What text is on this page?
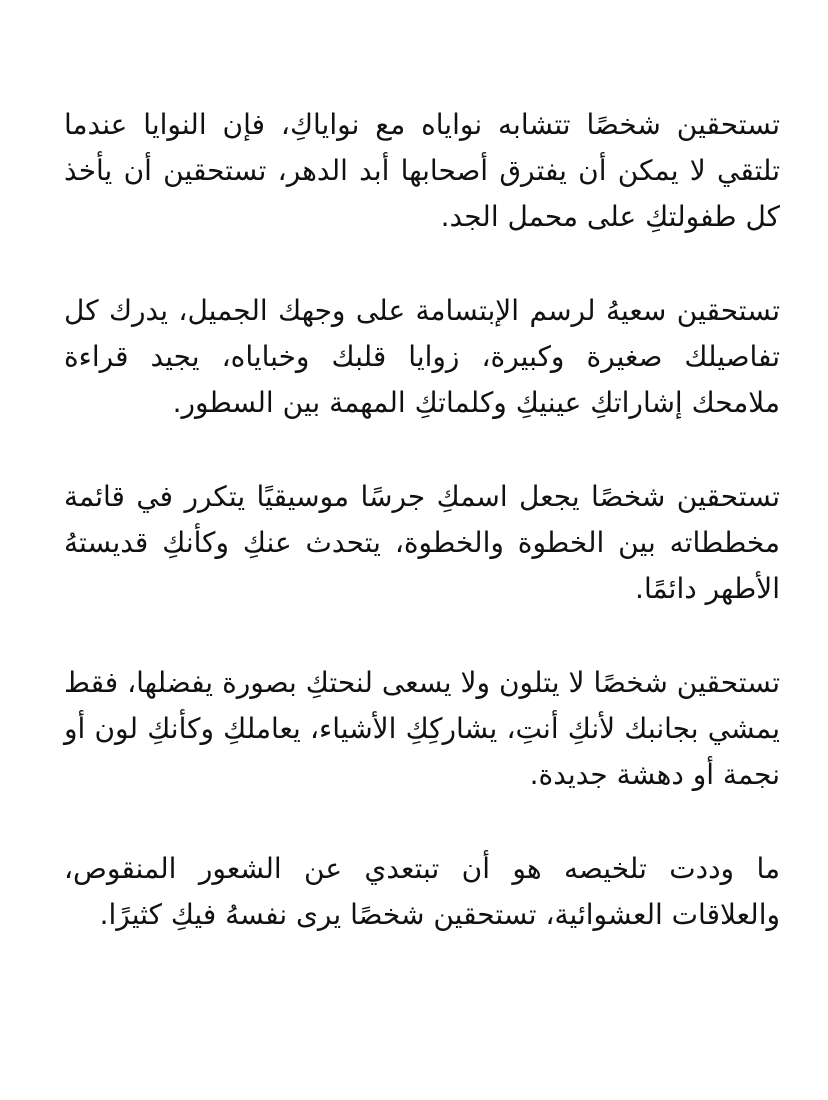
تستحقين شخصًا تتشابه نواياه مع نواياكِ، فإن النوايا عندما تلتقي لا يمكن أن يفترق أصحابها أبد الدهر، تستحقين أن يأخذ كل طفولتكِ على محمل الجد.

تستحقين سعيهُ لرسم الإبتسامة على وجهك الجميل، يدرك كل تفاصيلك صغيرة وكبيرة، زوايا قلبك وخباياه، يجيد قراءة ملامحك إشاراتكِ عينيكِ وكلماتكِ المهمة بين السطور.

تستحقين شخصًا يجعل اسمكِ جرسًا موسيقيًا يتكرر في قائمة مخططاته بين الخطوة والخطوة، يتحدث عنكِ وكأنكِ قديستهُ الأطهر دائمًا.

تستحقين شخصًا لا يتلون ولا يسعى لنحتكِ بصورة يفضلها، فقط يمشي بجانبك لأنكِ أنتِ، يشاركِكِ الأشياء، يعاملكِ وكأنكِ لون أو نجمة أو دهشة جديدة.

ما وددت تلخيصه هو أن تبتعدي عن الشعور المنقوص، والعلاقات العشوائية، تستحقين شخصًا يرى نفسهُ فيكِ كثيرًا.
